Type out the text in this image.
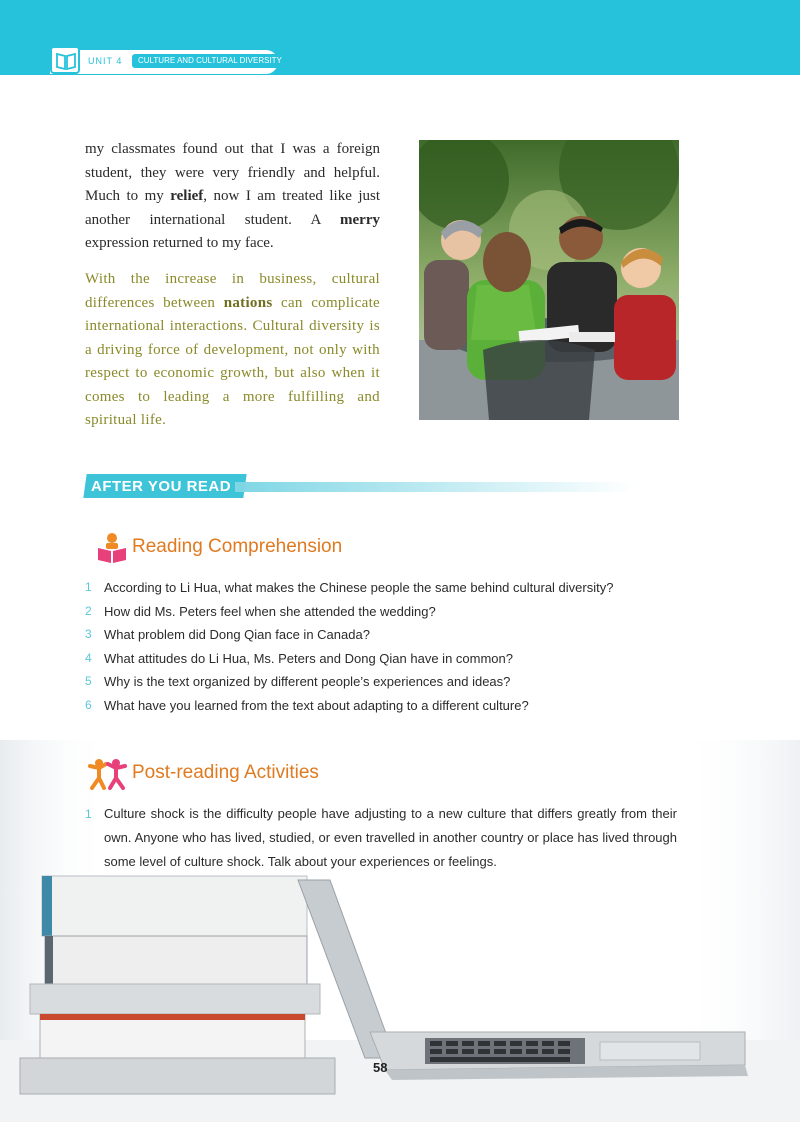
UNIT 4	CULTURE AND CULTURAL DIVERSITY

my classmates found out that I was a foreign student, they were very friendly and helpful. Much to my relief, now I am treated like just another international student. A merry expression returned to my face.

With the increase in business, cultural differences between nations can complicate international interactions. Cultural diversity is a driving force of development, not only with respect to economic growth, but also when it comes to leading a more fulfilling and spiritual life.

AFTER YOU READ
Reading Comprehension
1 According to Li Hua, what makes the Chinese people the same behind cultural diversity?
2 How did Ms. Peters feel when she attended the wedding?
3 What problem did Dong Qian face in Canada?
4 What attitudes do Li Hua, Ms. Peters and Dong Qian have in common?
5 Why is the text organized by different people’s experiences and ideas?
6 What have you learned from the text about adapting to a different culture?
Post-reading Activities
1 Culture shock is the difficulty people have adjusting to a new culture that differs greatly from their own. Anyone who has lived, studied, or even travelled in another country or place has lived through some level of culture shock. Talk about your experiences or feelings.

58
